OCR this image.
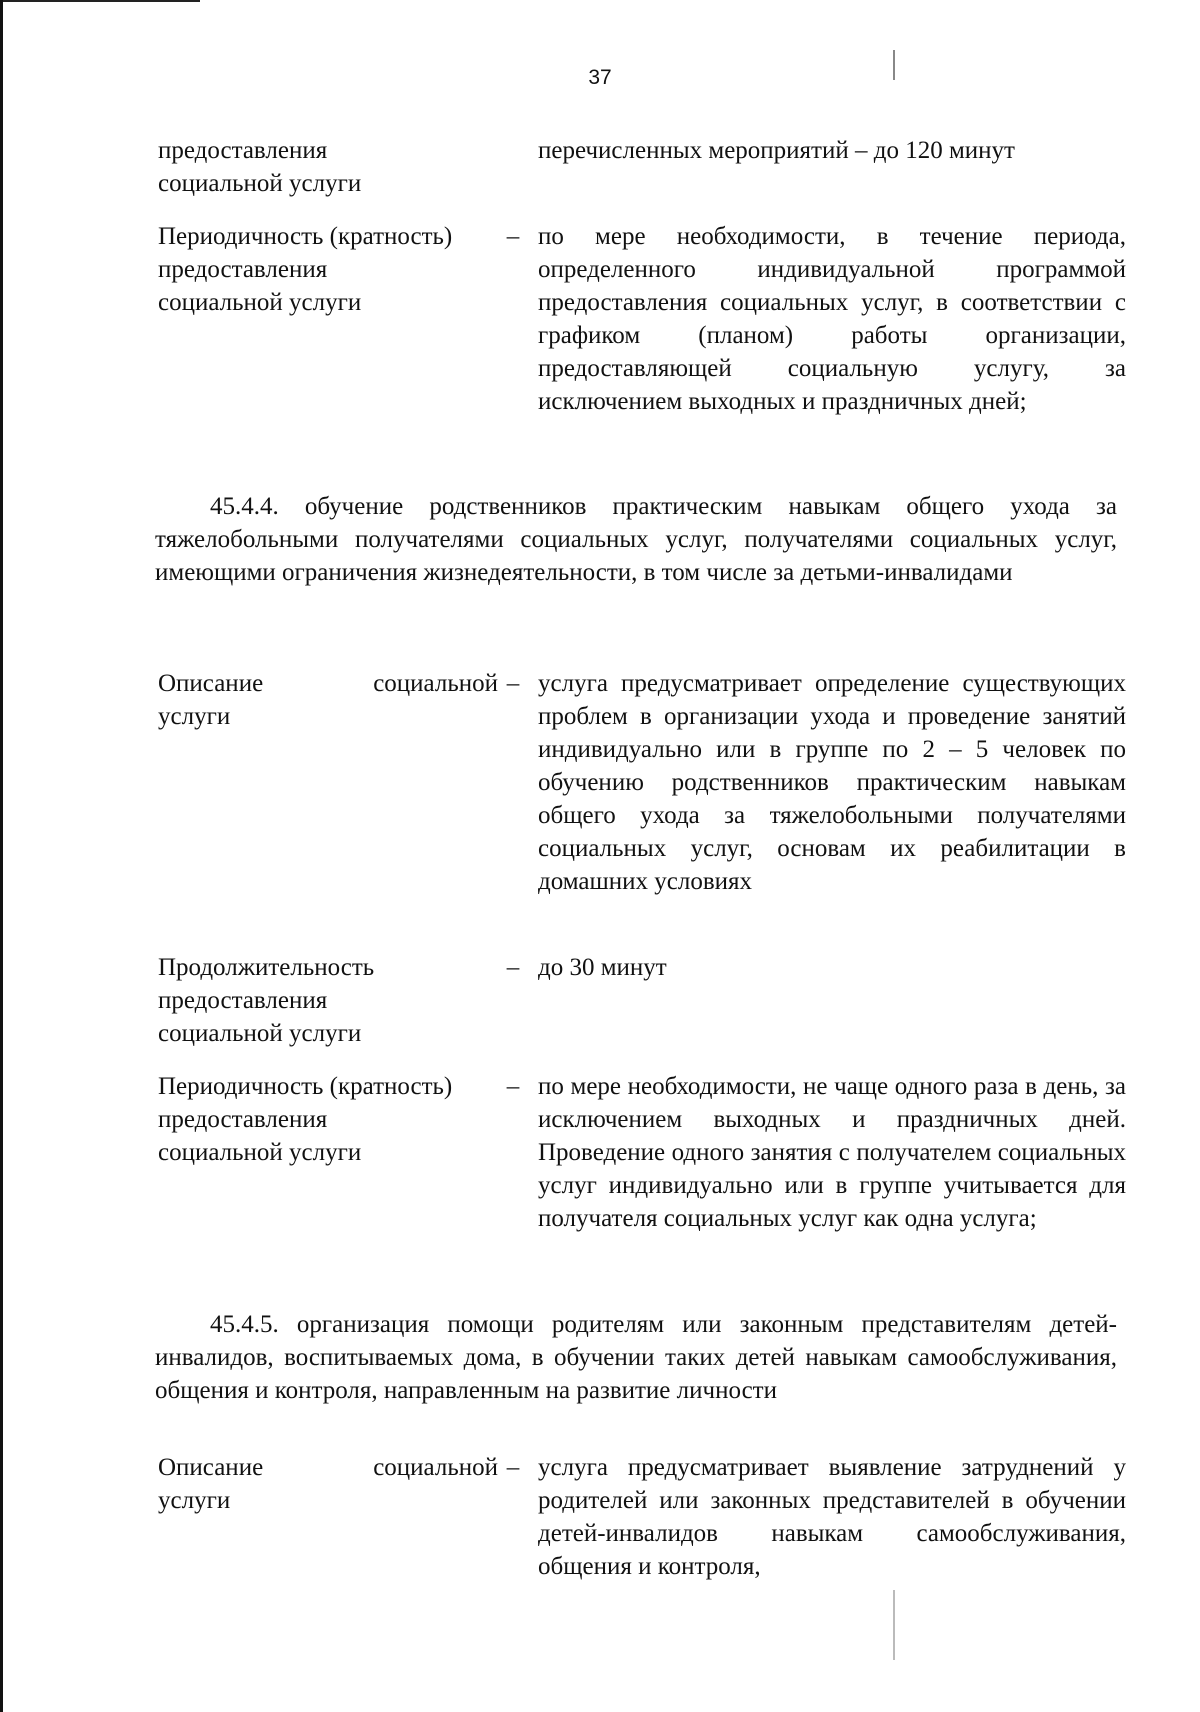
37
предоставления социальной услуги
перечисленных мероприятий – до 120 минут
Периодичность (кратность) предоставления социальной услуги
– по мере необходимости, в течение периода, определенного индивидуальной программой предоставления социальных услуг, в соответствии с графиком (планом) работы организации, предоставляющей социальную услугу, за исключением выходных и праздничных дней;
45.4.4. обучение родственников практическим навыкам общего ухода за тяжелобольными получателями социальных услуг, получателями социальных услуг, имеющими ограничения жизнедеятельности, в том числе за детьми-инвалидами
Описание	социальной
услуги
– услуга предусматривает определение существующих проблем в организации ухода и проведение занятий индивидуально или в группе по 2 – 5 человек по обучению родственников практическим навыкам общего ухода за тяжелобольными получателями социальных услуг, основам их реабилитации в домашних условиях
Продолжительность предоставления социальной услуги
– до 30 минут
Периодичность (кратность) предоставления социальной услуги
– по мере необходимости, не чаще одного раза в день, за исключением выходных и праздничных дней. Проведение одного занятия с получателем социальных услуг индивидуально или в группе учитывается для получателя социальных услуг как одна услуга;
45.4.5. организация помощи родителям или законным представителям детей-инвалидов, воспитываемых дома, в обучении таких детей навыкам самообслуживания, общения и контроля, направленным на развитие личности
Описание	социальной
услуги
– услуга предусматривает выявление затруднений у родителей или законных представителей в обучении детей-инвалидов навыкам самообслуживания, общения и контроля,
